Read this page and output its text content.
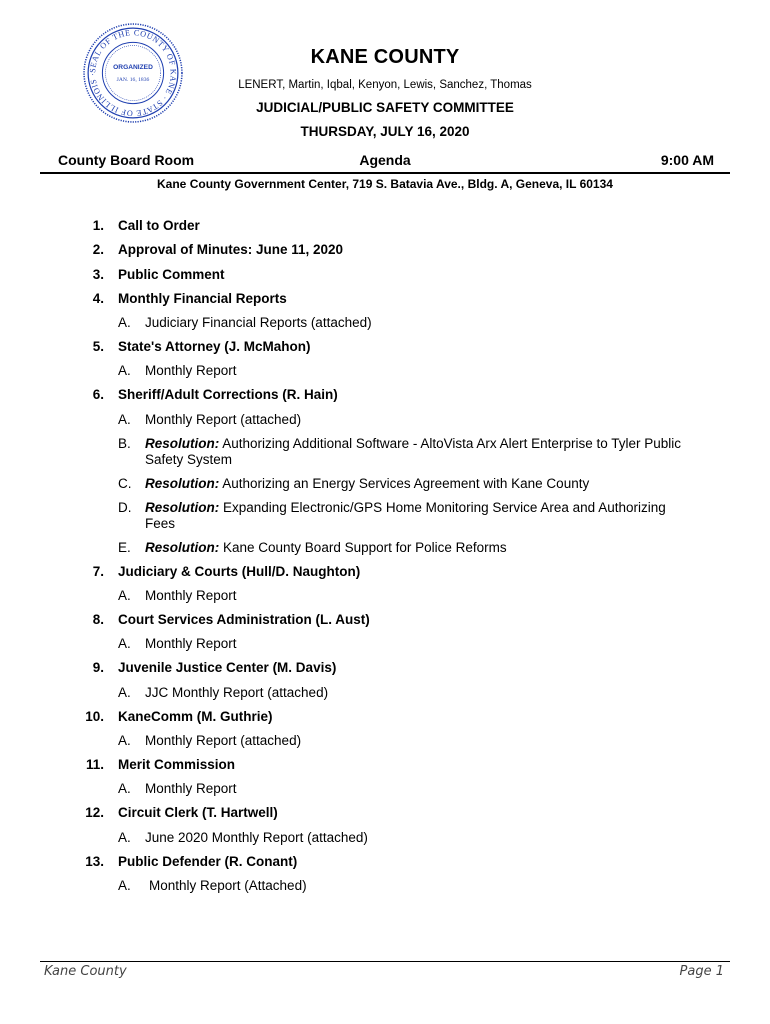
SEAL OF THE COUNTY OF KANE · STATE OF ILLINOIS ·
ORGANIZED
JAN. 16, 1836
KANE COUNTY
LENERT, Martin, Iqbal, Kenyon, Lewis, Sanchez, Thomas
JUDICIAL/PUBLIC SAFETY COMMITTEE
THURSDAY, JULY 16, 2020
County Board Room	Agenda	9:00 AM
Kane County Government Center, 719 S. Batavia Ave., Bldg. A, Geneva, IL 60134
1. Call to Order
2. Approval of Minutes: June 11, 2020
3. Public Comment
4. Monthly Financial Reports
A. Judiciary Financial Reports (attached)
5. State's Attorney (J. McMahon)
A. Monthly Report
6. Sheriff/Adult Corrections (R. Hain)
A. Monthly Report (attached)
B. Resolution: Authorizing Additional Software - AltoVista Arx Alert Enterprise to Tyler Public Safety System
C. Resolution: Authorizing an Energy Services Agreement with Kane County
D. Resolution: Expanding Electronic/GPS Home Monitoring Service Area and Authorizing Fees
E. Resolution: Kane County Board Support for Police Reforms
7. Judiciary & Courts (Hull/D. Naughton)
A. Monthly Report
8. Court Services Administration (L. Aust)
A. Monthly Report
9. Juvenile Justice Center (M. Davis)
A. JJC Monthly Report (attached)
10. KaneComm (M. Guthrie)
A. Monthly Report (attached)
11. Merit Commission
A. Monthly Report
12. Circuit Clerk (T. Hartwell)
A. June 2020 Monthly Report (attached)
13. Public Defender (R. Conant)
A. Monthly Report (Attached)
Kane County	Page 1
